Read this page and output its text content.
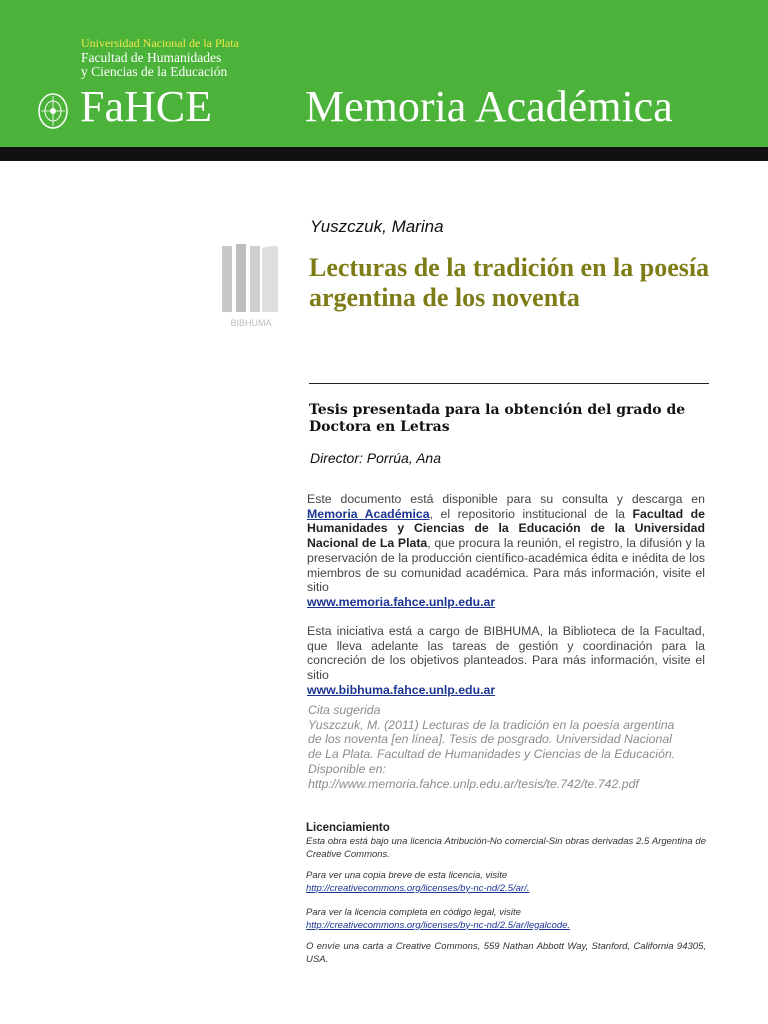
Universidad Nacional de la Plata
Facultad de Humanidades
y Ciencias de la Educación
FaHCE Memoria Académica
Yuszczuk, Marina
BIBHUMA
Lecturas de la tradición en la poesía argentina de los noventa
Tesis presentada para la obtención del grado de Doctora en Letras
Director: Porrúa, Ana
Este documento está disponible para su consulta y descarga en Memoria Académica, el repositorio institucional de la Facultad de Humanidades y Ciencias de la Educación de la Universidad Nacional de La Plata, que procura la reunión, el registro, la difusión y la preservación de la producción científico-académica édita e inédita de los miembros de su comunidad académica. Para más información, visite el sitio
www.memoria.fahce.unlp.edu.ar
Esta iniciativa está a cargo de BIBHUMA, la Biblioteca de la Facultad, que lleva adelante las tareas de gestión y coordinación para la concreción de los objetivos planteados. Para más información, visite el sitio
www.bibhuma.fahce.unlp.edu.ar
Cita sugerida
Yuszczuk, M. (2011) Lecturas de la tradición en la poesía argentina
de los noventa [en línea]. Tesis de posgrado. Universidad Nacional
de La Plata. Facultad de Humanidades y Ciencias de la Educación.
Disponible en:
http://www.memoria.fahce.unlp.edu.ar/tesis/te.742/te.742.pdf
Licenciamiento
Esta obra está bajo una licencia Atribución-No comercial-Sin obras derivadas 2.5 Argentina de Creative Commons.
Para ver una copia breve de esta licencia, visite
http://creativecommons.org/licenses/by-nc-nd/2.5/ar/.
Para ver la licencia completa en código legal, visite
http://creativecommons.org/licenses/by-nc-nd/2.5/ar/legalcode.
O envíe una carta a Creative Commons, 559 Nathan Abbott Way, Stanford, California 94305, USA.
